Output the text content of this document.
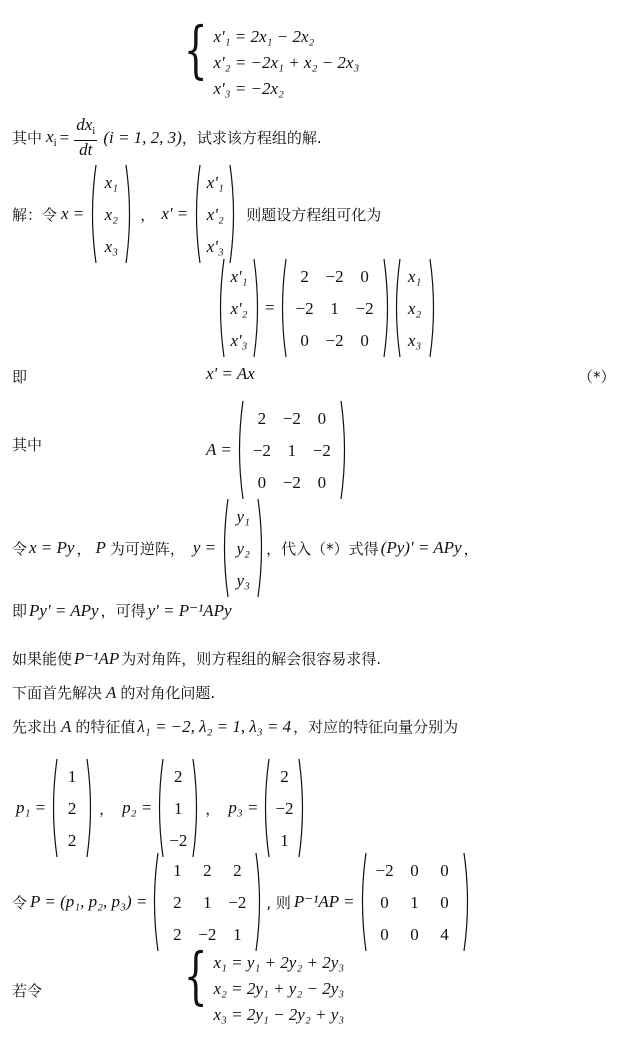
{ x'₁ = 2x₁ − 2x₂
x'₂ = −2x₁ + x₂ − 2x₃
x'₃ = −2x₂
其中 $x_i = \frac{dx_i}{dt} (i = 1$, 2, 3) ，试求该方程组的解.
解：令 x =
x₁
x₂
x₃
， x' =
x'₁
x'₂
x'₃
则题设方程组可化为
x'₁
x'₂
x'₃
=
2 −2 0
−2 1 −2
0 −2 0
x₁
x₂
x₃
即	x' = Ax	（*）
其中	A =
2 −2 0
−2 1 −2
0 −2 0
令 x = Py ， P 为可逆阵， y =
y₁
y₂
y₃
，代入（*）式得 (Py)' = APy ，
即 Py' = APy ，可得 y' = P⁻¹APy
如果能使 P⁻¹AP 为对角阵，则方程组的解会很容易求得.
下面首先解决 A 的对角化问题.
先求出 A 的特征值 λ₁ = −2, λ₂ = 1, λ₃ = 4 ，对应的特征向量分别为
p₁ =
1
2
2
， p₂ =
2
1
−2
， p₃ =
2
−2
1
令 P = (p₁, p₂, p₃) =
1	2	2
2	1 −2
2 −2 1
, 则 P⁻¹AP =
−2 0	0
0	1	0
0	0	4
若令 { x₁ = y₁ + 2y₂ + 2y₃
x₂ = 2y₁ + y₂ − 2y₃
x₃ = 2y₁ − 2y₂ + y₃
